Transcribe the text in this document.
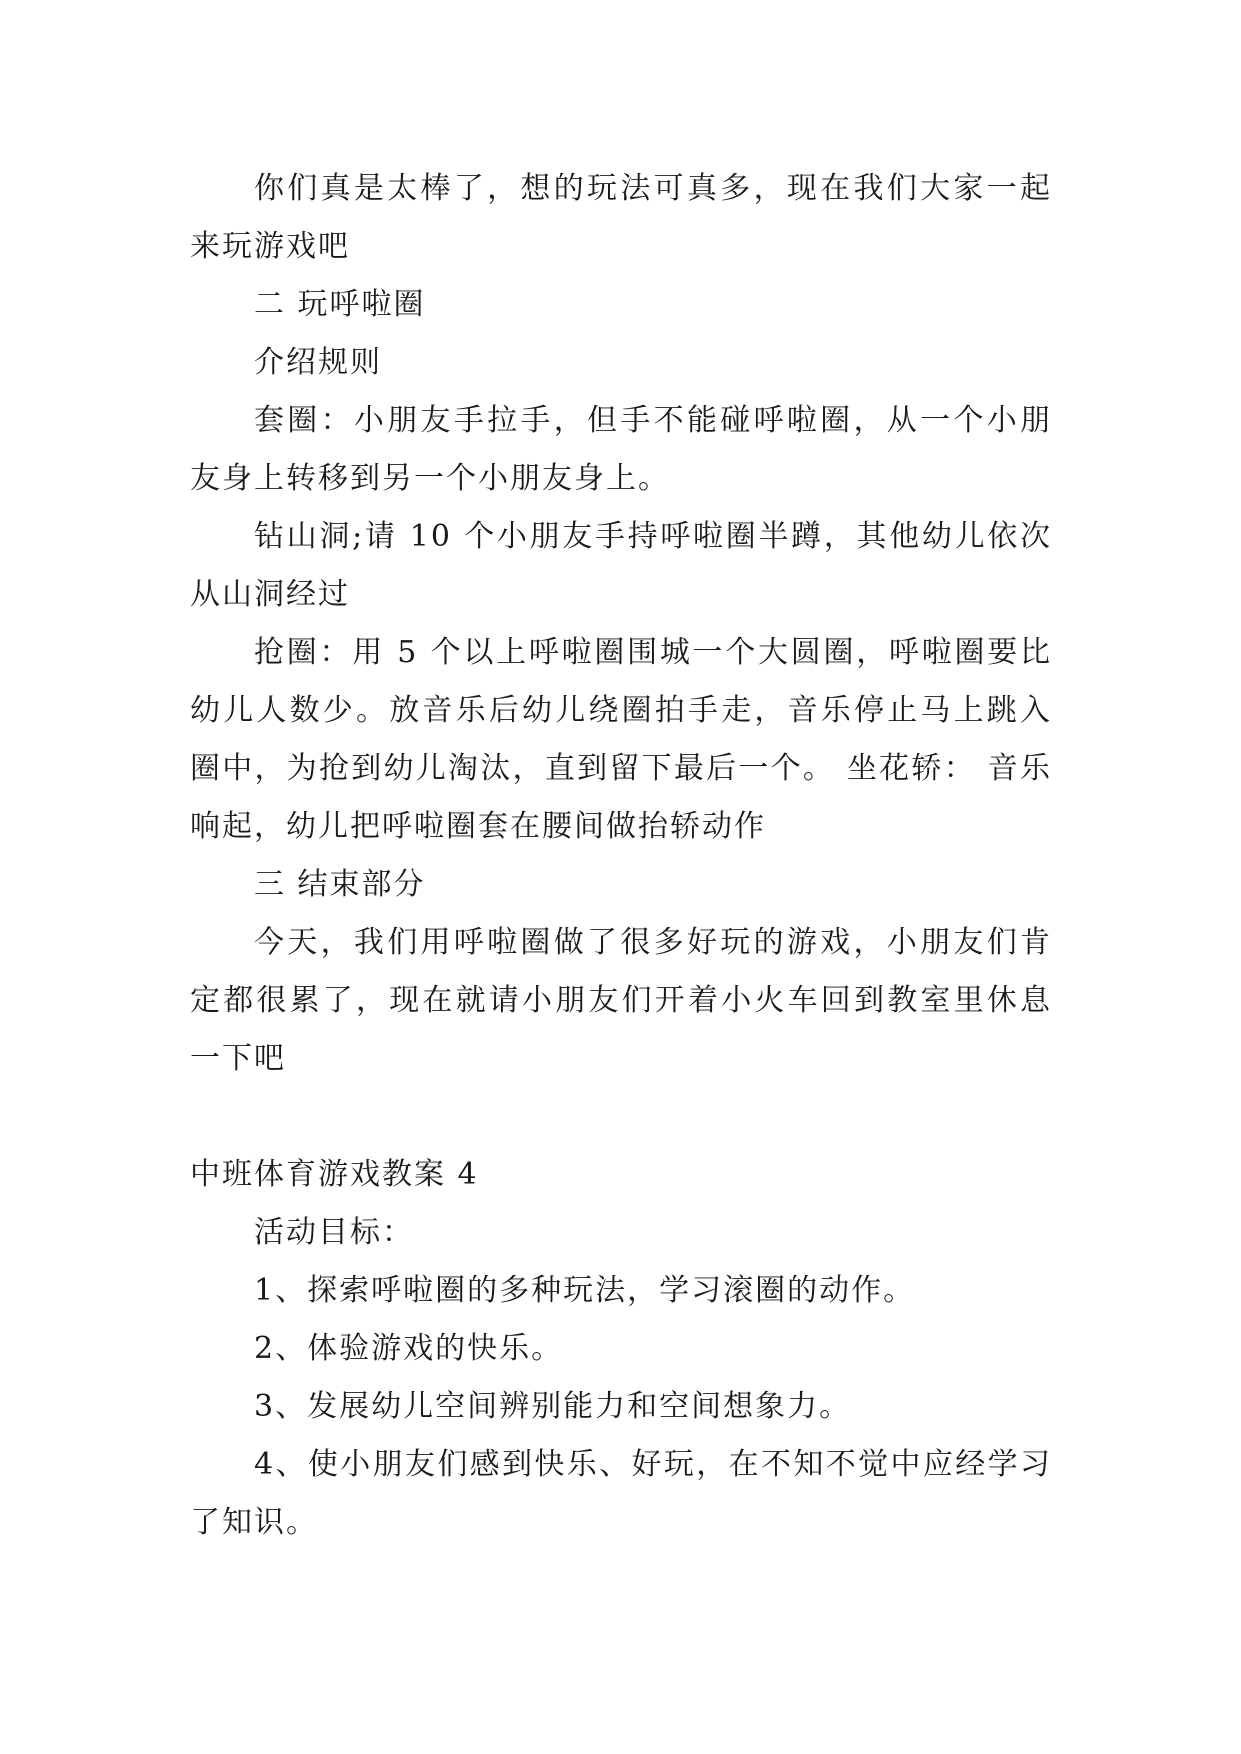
你们真是太棒了，想的玩法可真多，现在我们大家一起来玩游戏吧

二 玩呼啦圈

介绍规则

套圈：小朋友手拉手，但手不能碰呼啦圈，从一个小朋友身上转移到另一个小朋友身上。

钻山洞;请 10 个小朋友手持呼啦圈半蹲，其他幼儿依次从山洞经过

抢圈：用 5 个以上呼啦圈围城一个大圆圈，呼啦圈要比幼儿人数少。放音乐后幼儿绕圈拍手走，音乐停止马上跳入圈中，为抢到幼儿淘汰，直到留下最后一个。 坐花轿： 音乐响起，幼儿把呼啦圈套在腰间做抬轿动作

三 结束部分

今天，我们用呼啦圈做了很多好玩的游戏，小朋友们肯定都很累了，现在就请小朋友们开着小火车回到教室里休息一下吧

中班体育游戏教案 4

活动目标：

1、探索呼啦圈的多种玩法，学习滚圈的动作。

2、体验游戏的快乐。

3、发展幼儿空间辨别能力和空间想象力。

4、使小朋友们感到快乐、好玩，在不知不觉中应经学习了知识。
